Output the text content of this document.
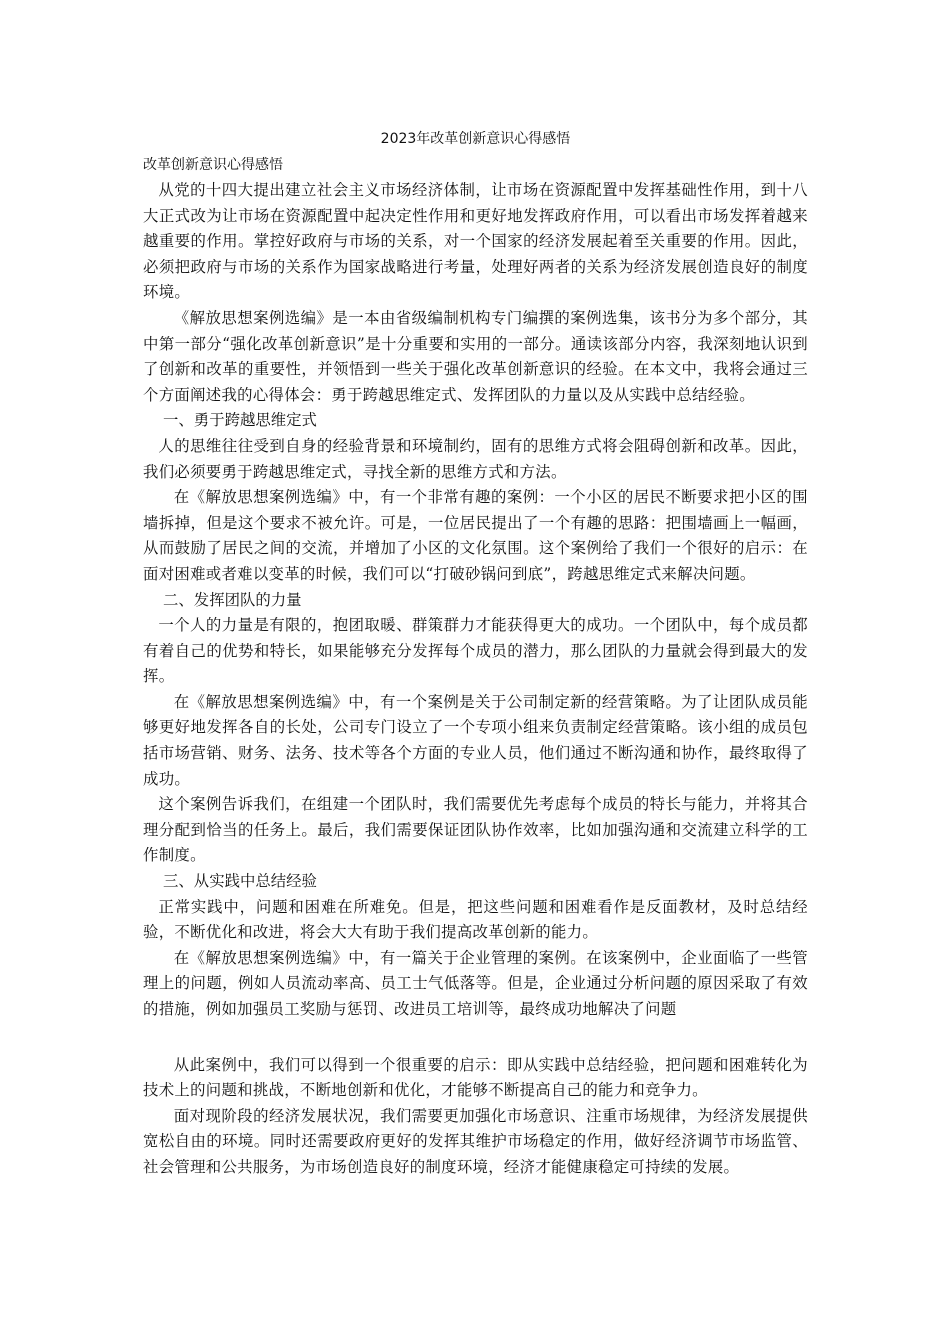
2023年改革创新意识心得感悟

改革创新意识心得感悟

从党的十四大提出建立社会主义市场经济体制，让市场在资源配置中发挥基础性作用，到十八大正式改为让市场在资源配置中起决定性作用和更好地发挥政府作用，可以看出市场发挥着越来越重要的作用。掌控好政府与市场的关系，对一个国家的经济发展起着至关重要的作用。因此，必须把政府与市场的关系作为国家战略进行考量，处理好两者的关系为经济发展创造良好的制度环境。

《解放思想案例选编》是一本由省级编制机构专门编撰的案例选集，该书分为多个部分，其中第一部分“强化改革创新意识”是十分重要和实用的一部分。通读该部分内容，我深刻地认识到了创新和改革的重要性，并领悟到一些关于强化改革创新意识的经验。在本文中，我将会通过三个方面阐述我的心得体会：勇于跨越思维定式、发挥团队的力量以及从实践中总结经验。

一、勇于跨越思维定式

人的思维往往受到自身的经验背景和环境制约，固有的思维方式将会阻碍创新和改革。因此，我们必须要勇于跨越思维定式，寻找全新的思维方式和方法。

在《解放思想案例选编》中，有一个非常有趣的案例：一个小区的居民不断要求把小区的围墙拆掉，但是这个要求不被允许。可是，一位居民提出了一个有趣的思路：把围墙画上一幅画，从而鼓励了居民之间的交流，并增加了小区的文化氛围。这个案例给了我们一个很好的启示：在面对困难或者难以变革的时候，我们可以“打破砂锅问到底”，跨越思维定式来解决问题。

二、发挥团队的力量

一个人的力量是有限的，抱团取暖、群策群力才能获得更大的成功。一个团队中，每个成员都有着自己的优势和特长，如果能够充分发挥每个成员的潜力，那么团队的力量就会得到最大的发挥。

在《解放思想案例选编》中，有一个案例是关于公司制定新的经营策略。为了让团队成员能够更好地发挥各自的长处，公司专门设立了一个专项小组来负责制定经营策略。该小组的成员包括市场营销、财务、法务、技术等各个方面的专业人员，他们通过不断沟通和协作，最终取得了成功。

这个案例告诉我们，在组建一个团队时，我们需要优先考虑每个成员的特长与能力，并将其合理分配到恰当的任务上。最后，我们需要保证团队协作效率，比如加强沟通和交流建立科学的工作制度。

三、从实践中总结经验

正常实践中，问题和困难在所难免。但是，把这些问题和困难看作是反面教材，及时总结经验，不断优化和改进，将会大大有助于我们提高改革创新的能力。

在《解放思想案例选编》中，有一篇关于企业管理的案例。在该案例中，企业面临了一些管理上的问题，例如人员流动率高、员工士气低落等。但是，企业通过分析问题的原因采取了有效的措施，例如加强员工奖励与惩罚、改进员工培训等，最终成功地解决了问题

从此案例中，我们可以得到一个很重要的启示：即从实践中总结经验，把问题和困难转化为技术上的问题和挑战，不断地创新和优化，才能够不断提高自己的能力和竞争力。

面对现阶段的经济发展状况，我们需要更加强化市场意识、注重市场规律，为经济发展提供宽松自由的环境。同时还需要政府更好的发挥其维护市场稳定的作用，做好经济调节市场监管、社会管理和公共服务，为市场创造良好的制度环境，经济才能健康稳定可持续的发展。
